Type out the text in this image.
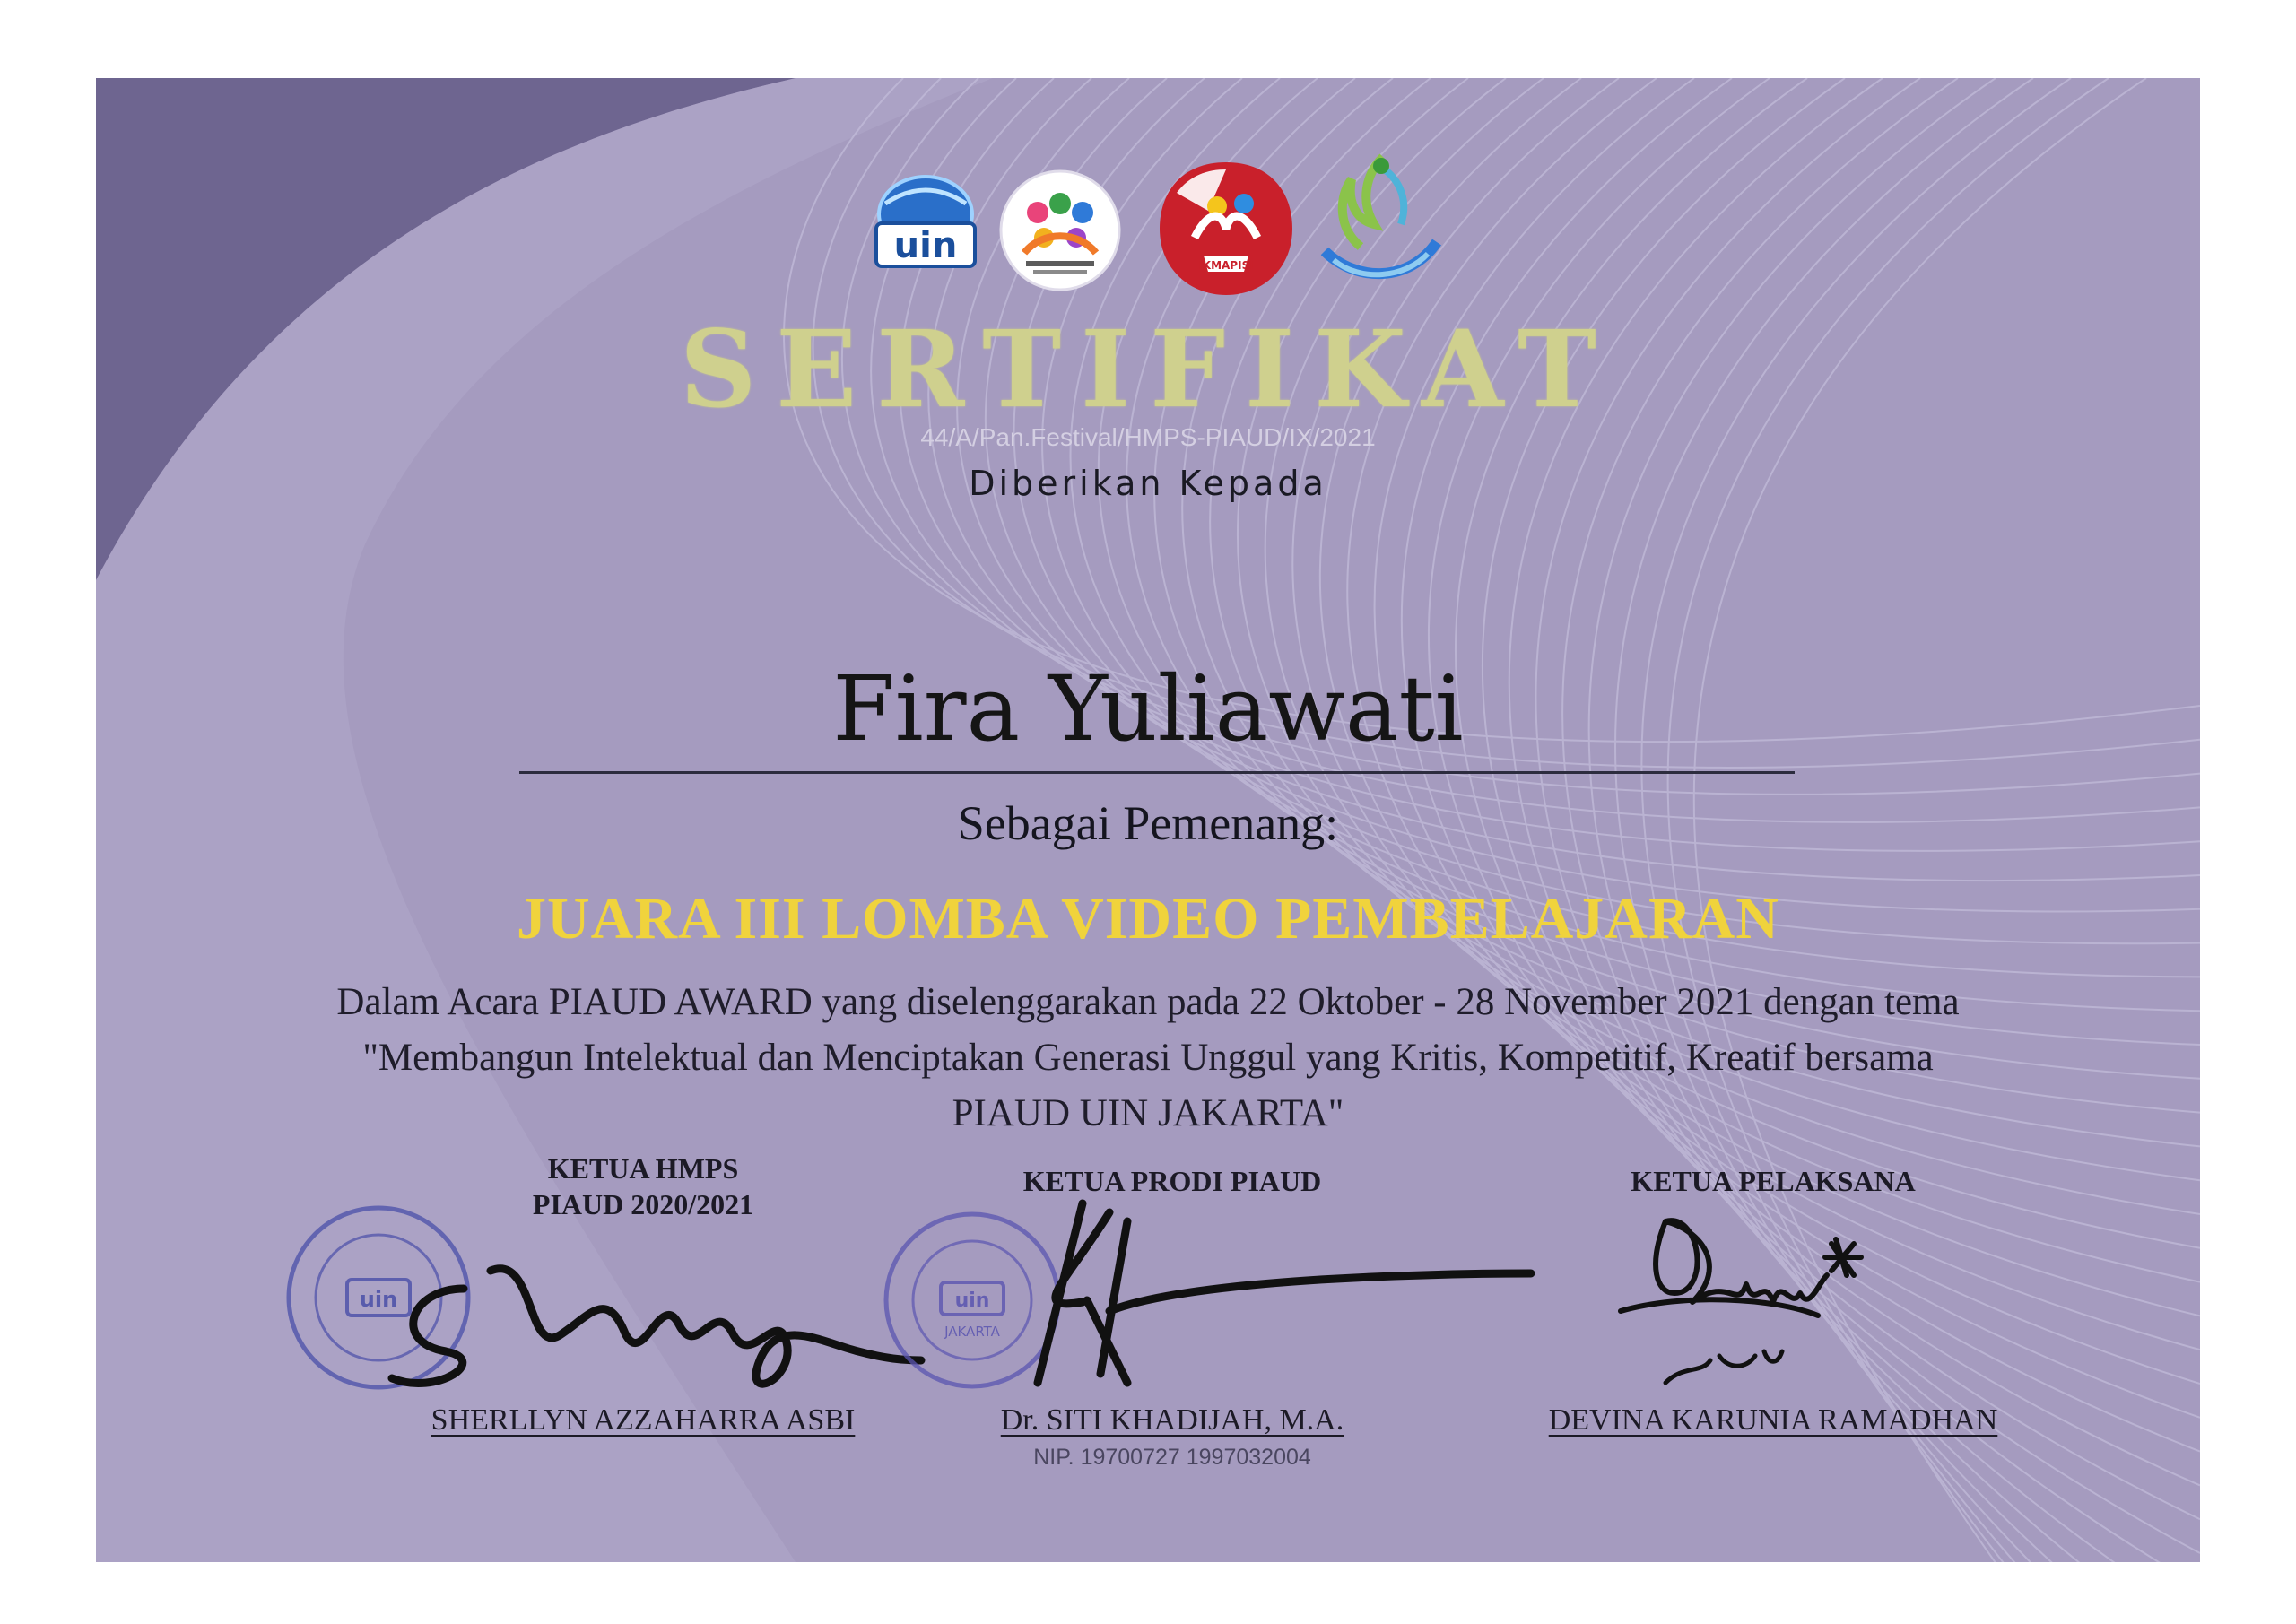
uin	IKMAPISI
SERTIFIKAT
44/A/Pan.Festival/HMPS-PIAUD/IX/2021
Diberikan Kepada
Fira Yuliawati
Sebagai Pemenang:
JUARA III LOMBA VIDEO PEMBELAJARAN
Dalam Acara PIAUD AWARD yang diselenggarakan pada 22 Oktober - 28 November 2021 dengan tema
"Membangun Intelektual dan Menciptakan Generasi Unggul yang Kritis, Kompetitif, Kreatif bersama
PIAUD UIN JAKARTA"
KETUA HMPS
PIAUD 2020/2021
uin
SHERLLYN AZZAHARRA ASBI
KETUA PRODI PIAUD
uin
JAKARTA
Dr. SITI KHADIJAH, M.A.
NIP. 19700727 1997032004
KETUA PELAKSANA
DEVINA KARUNIA RAMADHAN
